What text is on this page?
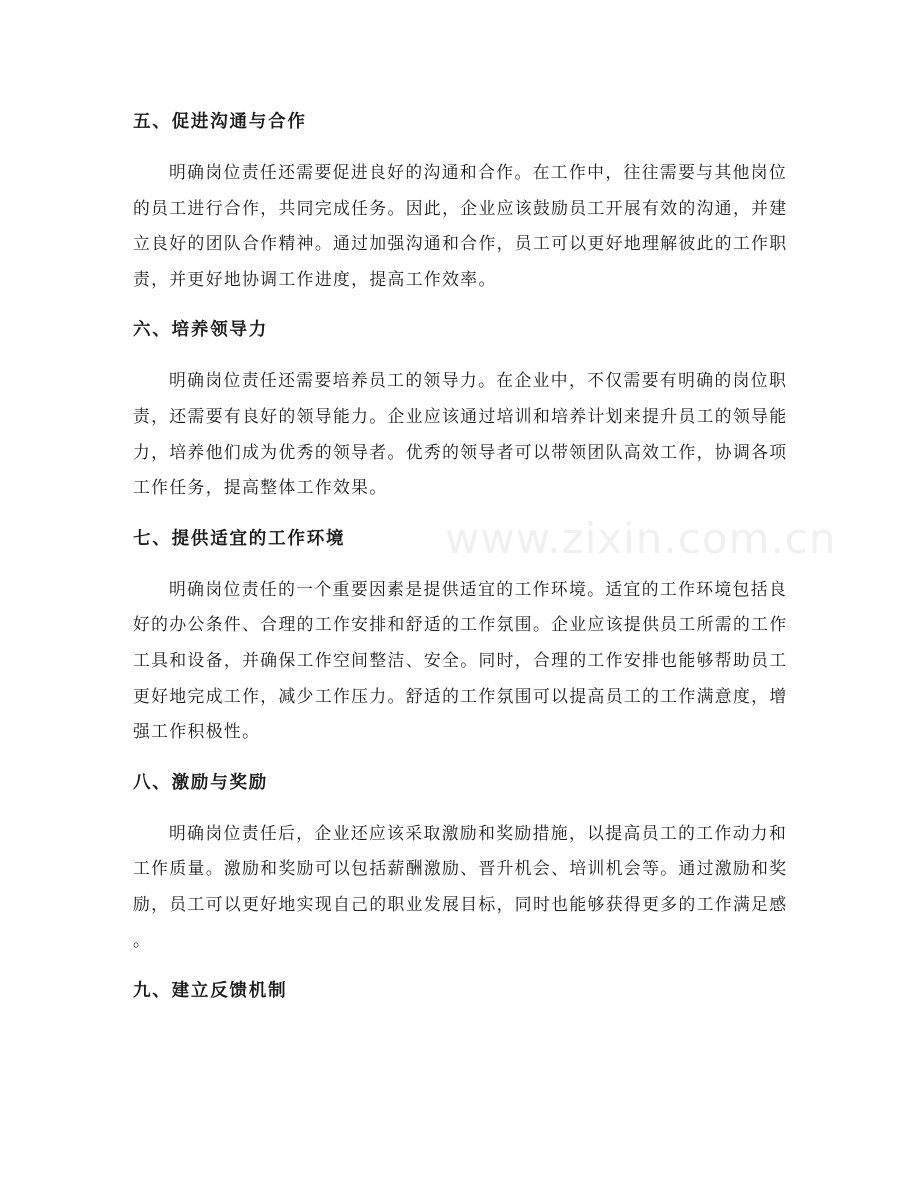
www.zixin.com.cn
五、促进沟通与合作
明确岗位责任还需要促进良好的沟通和合作。在工作中，往往需要与其他岗位
的员工进行合作，共同完成任务。因此，企业应该鼓励员工开展有效的沟通，并建
立良好的团队合作精神。通过加强沟通和合作，员工可以更好地理解彼此的工作职
责，并更好地协调工作进度，提高工作效率。
六、培养领导力
明确岗位责任还需要培养员工的领导力。在企业中，不仅需要有明确的岗位职
责，还需要有良好的领导能力。企业应该通过培训和培养计划来提升员工的领导能
力，培养他们成为优秀的领导者。优秀的领导者可以带领团队高效工作，协调各项
工作任务，提高整体工作效果。
七、提供适宜的工作环境
明确岗位责任的一个重要因素是提供适宜的工作环境。适宜的工作环境包括良
好的办公条件、合理的工作安排和舒适的工作氛围。企业应该提供员工所需的工作
工具和设备，并确保工作空间整洁、安全。同时，合理的工作安排也能够帮助员工
更好地完成工作，减少工作压力。舒适的工作氛围可以提高员工的工作满意度，增
强工作积极性。
八、激励与奖励
明确岗位责任后，企业还应该采取激励和奖励措施，以提高员工的工作动力和
工作质量。激励和奖励可以包括薪酬激励、晋升机会、培训机会等。通过激励和奖
励，员工可以更好地实现自己的职业发展目标，同时也能够获得更多的工作满足感
。
九、建立反馈机制
